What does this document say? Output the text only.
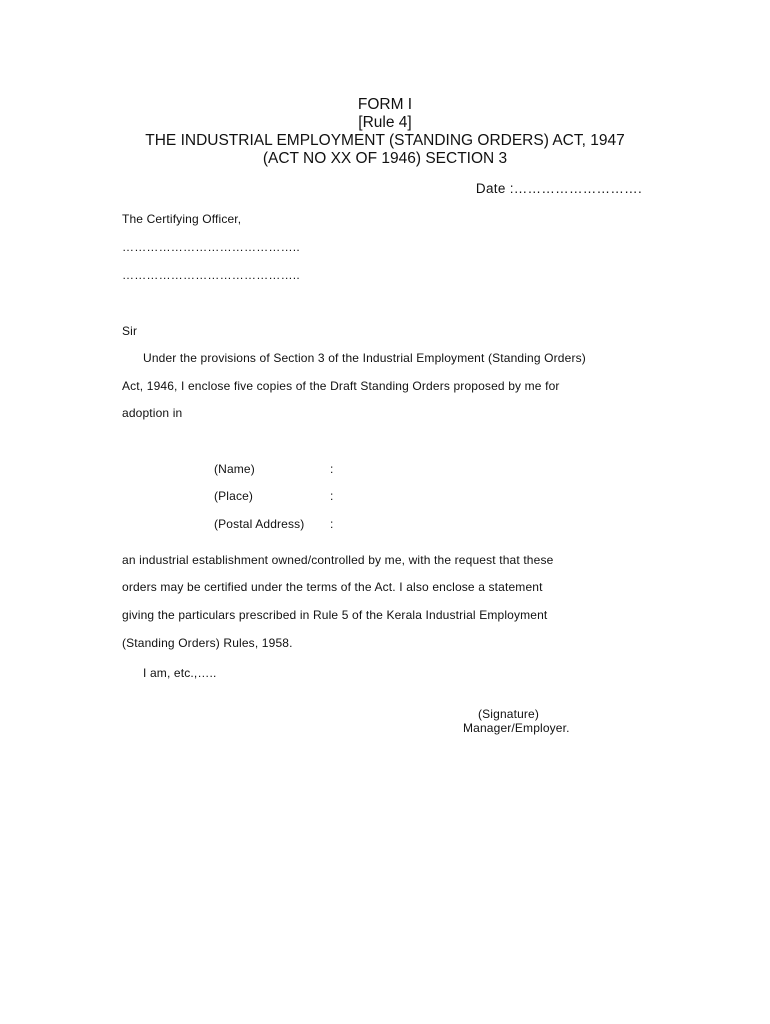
FORM I
[Rule 4]
THE INDUSTRIAL EMPLOYMENT (STANDING ORDERS) ACT, 1947
(ACT NO XX OF 1946) SECTION 3
Date :……………………….
The Certifying Officer,
……………………………………..
……………………………………..
Sir
Under the provisions of Section 3 of the Industrial Employment (Standing Orders)
Act, 1946, I enclose five copies of the Draft Standing Orders proposed by me for
adoption in
(Name)	:
(Place)	:
(Postal Address) :
an industrial establishment owned/controlled by me, with the request that these
orders may be certified under the terms of the Act. I also enclose a statement
giving the particulars prescribed in Rule 5 of the Kerala Industrial Employment
(Standing Orders) Rules, 1958.
I am, etc.,…..
(Signature)
Manager/Employer.
